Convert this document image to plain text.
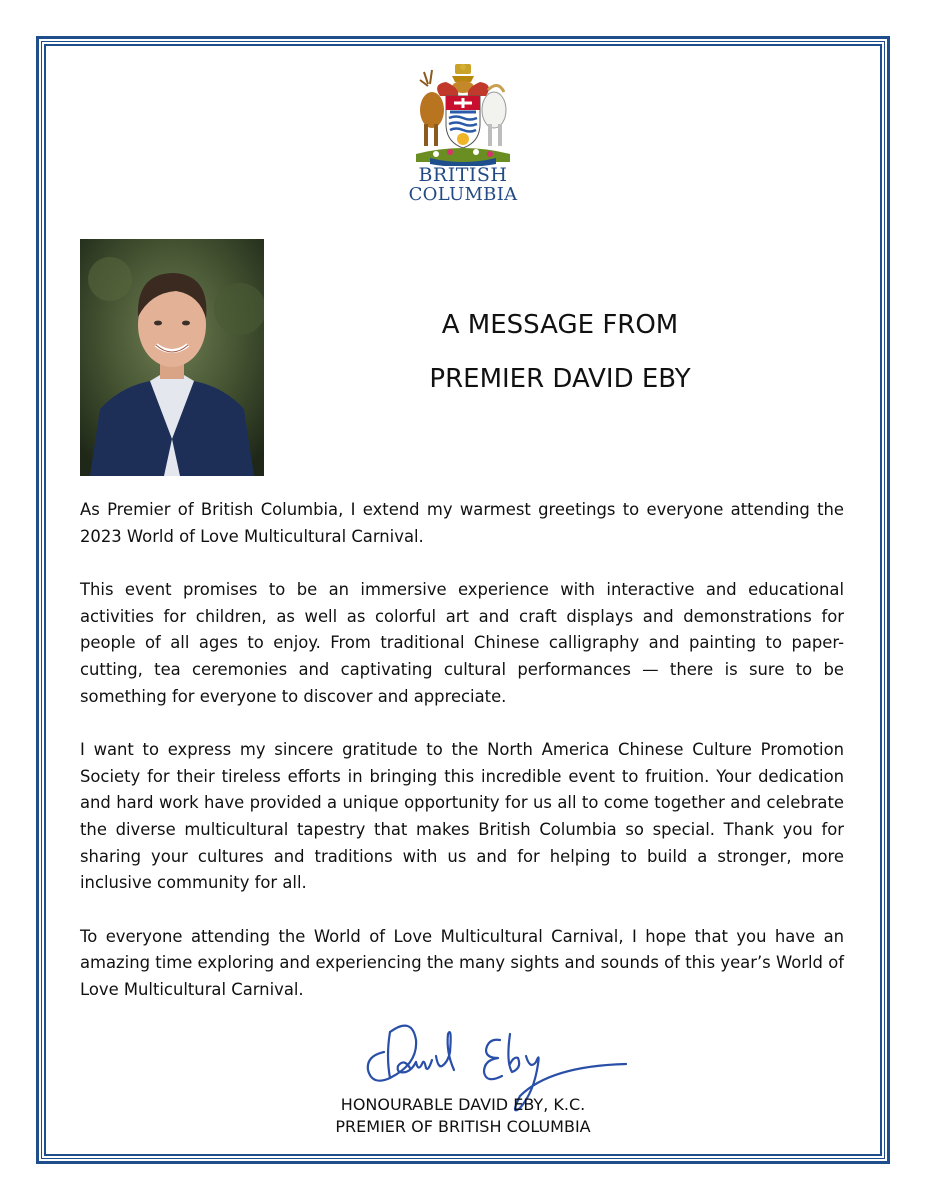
BRITISH
COLUMBIA
A MESSAGE FROM
PREMIER DAVID EBY

As Premier of British Columbia, I extend my warmest greetings to everyone attending the 2023 World of Love Multicultural Carnival.

This event promises to be an immersive experience with interactive and educational activities for children, as well as colorful art and craft displays and demonstrations for people of all ages to enjoy. From traditional Chinese calligraphy and painting to paper-cutting, tea ceremonies and captivating cultural performances — there is sure to be something for everyone to discover and appreciate.

I want to express my sincere gratitude to the North America Chinese Culture Promotion Society for their tireless efforts in bringing this incredible event to fruition. Your dedication and hard work have provided a unique opportunity for us all to come together and celebrate the diverse multicultural tapestry that makes British Columbia so special. Thank you for sharing your cultures and traditions with us and for helping to build a stronger, more inclusive community for all.

To everyone attending the World of Love Multicultural Carnival, I hope that you have an amazing time exploring and experiencing the many sights and sounds of this year’s World of Love Multicultural Carnival.

HONOURABLE DAVID EBY, K.C.
PREMIER OF BRITISH COLUMBIA
